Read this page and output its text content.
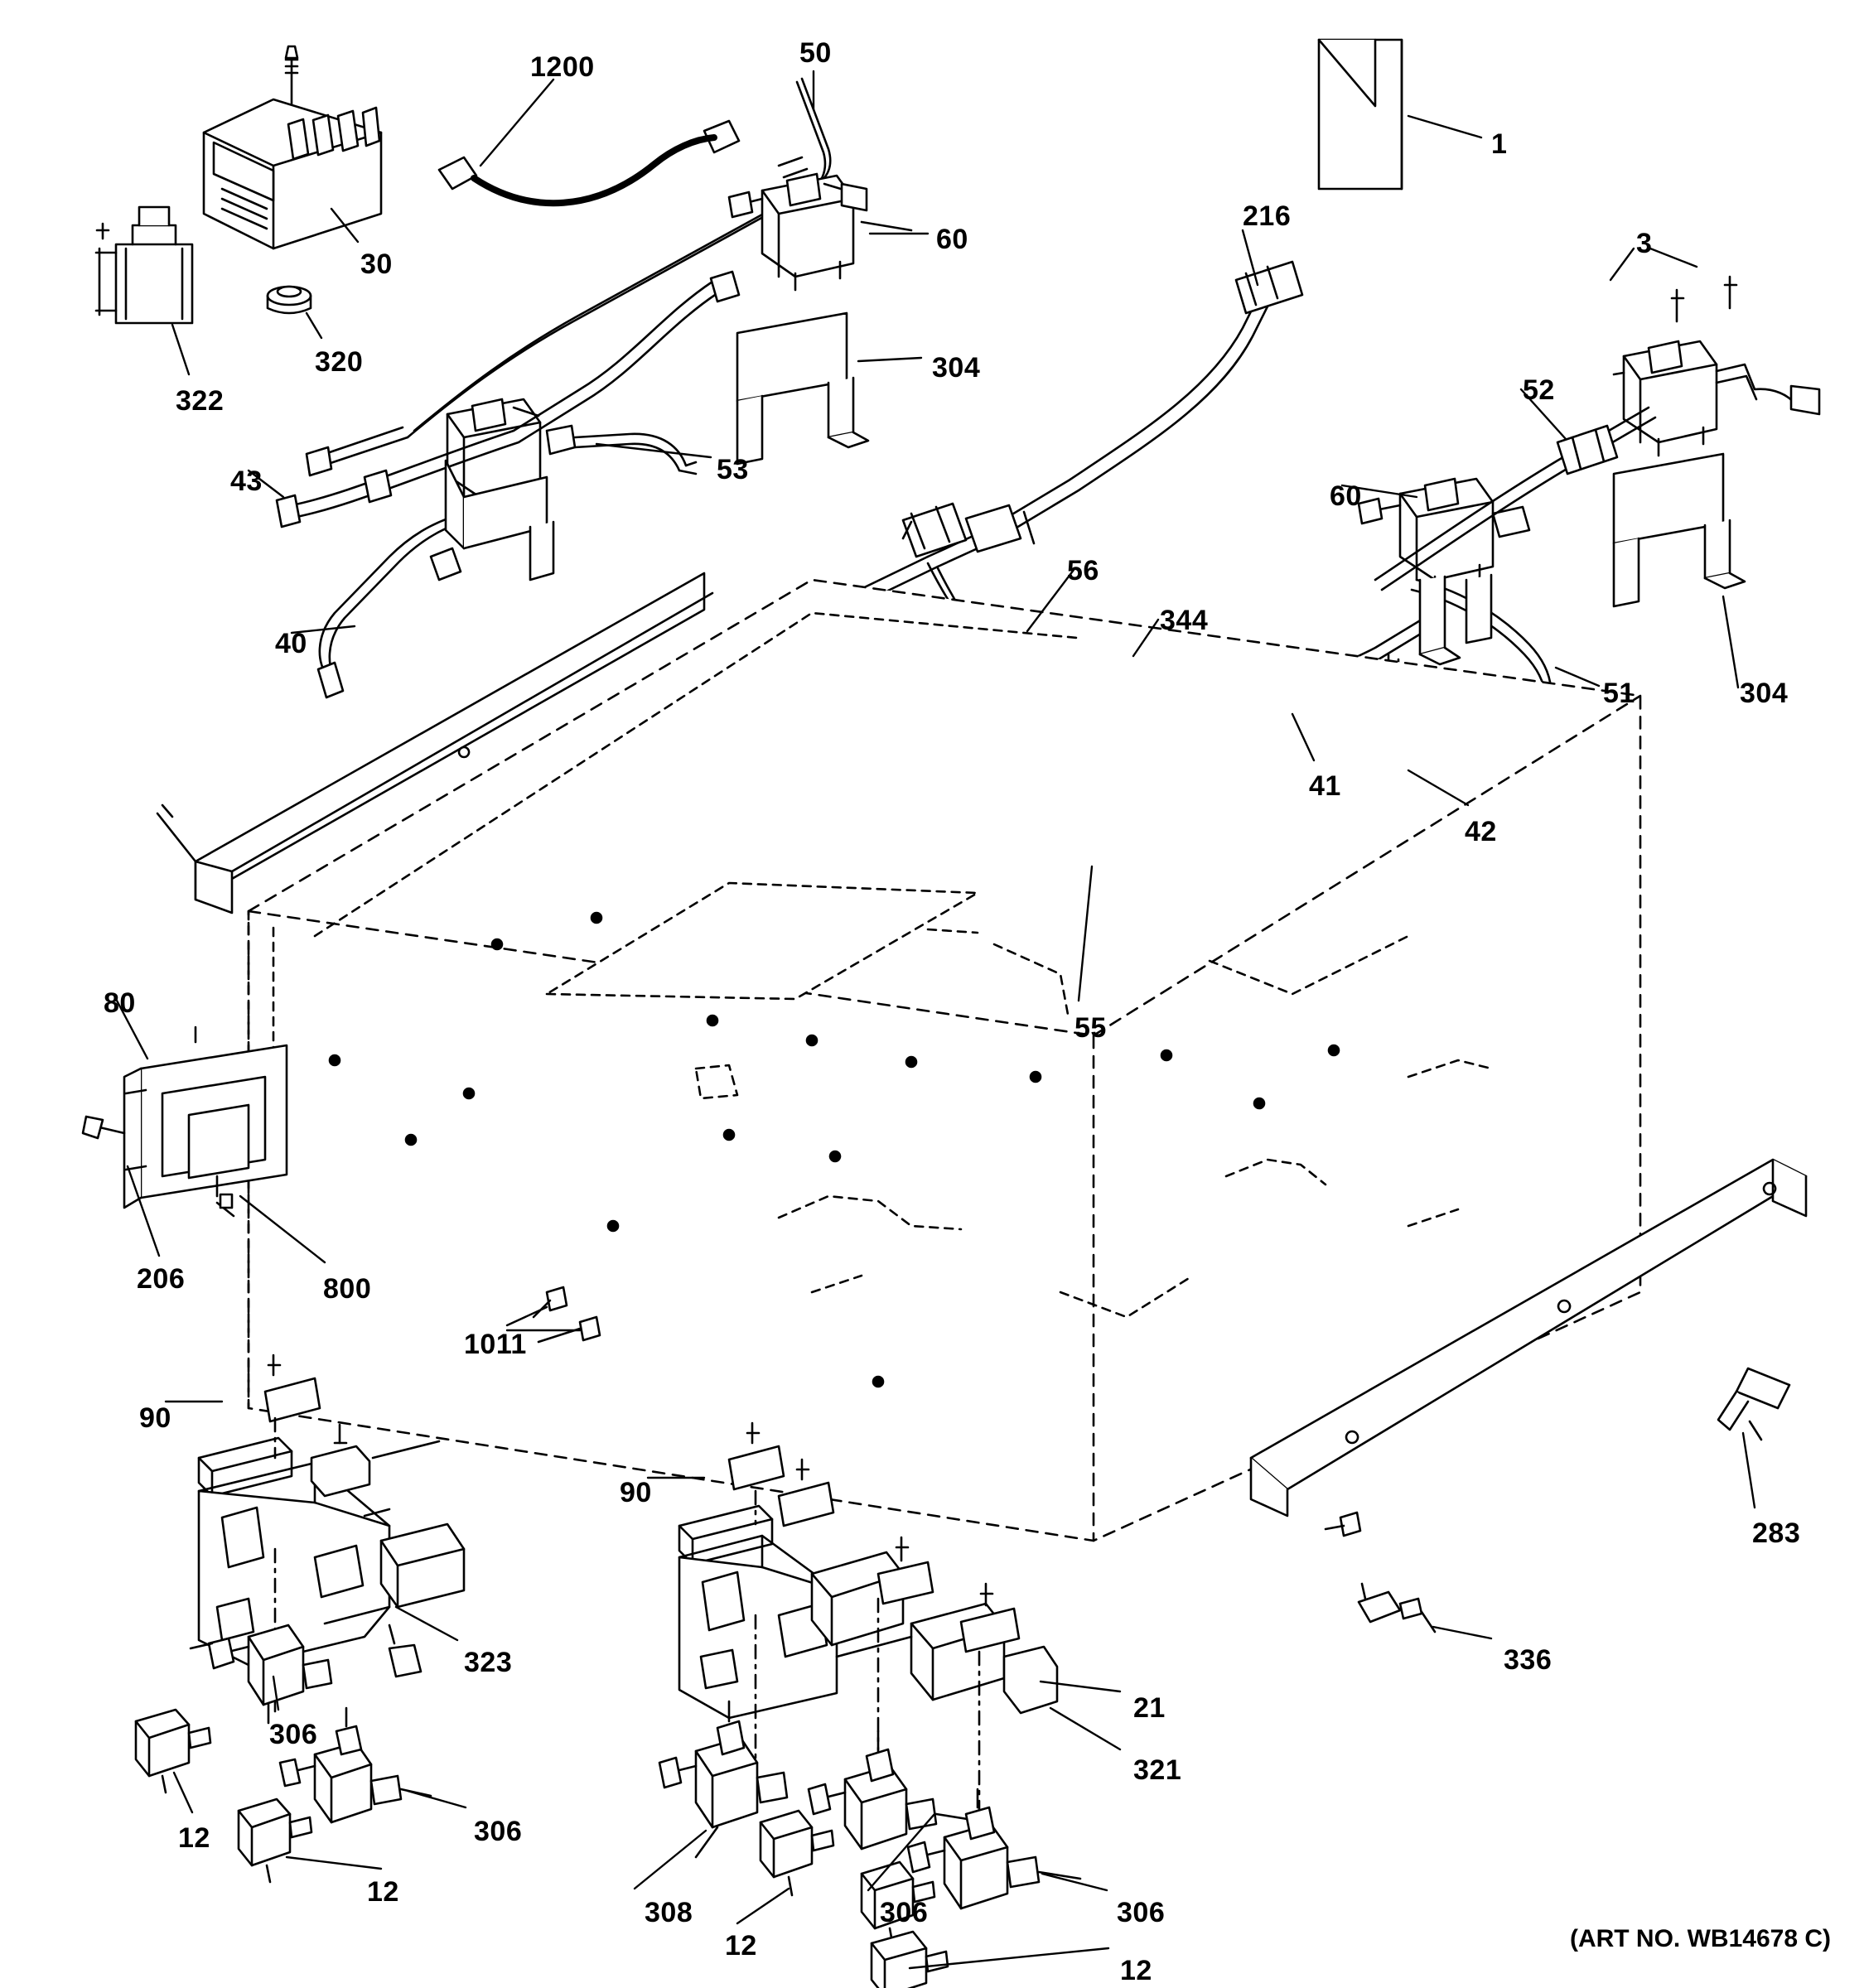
1200	50
1
30
60
216
3
320
322
304
52
53
43	60
40
56
344
51	304
41
42
55
80
206	800
1011
90
90
283
323	336
306
21
321
12	306
308
12
12
306	306
12
(ART NO. WB14678 C)
